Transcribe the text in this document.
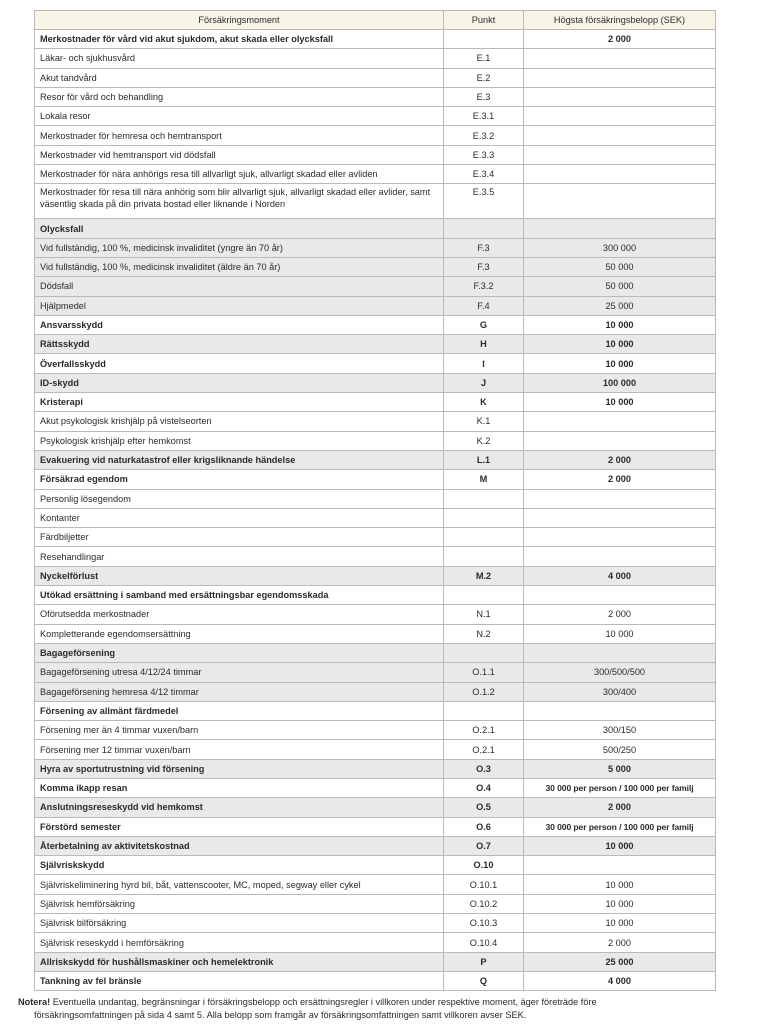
Försäkringsmoment	Punkt	Högsta försäkringsbelopp (SEK)
Merkostnader för vård vid akut sjukdom, akut skada eller olycksfall		2 000
Läkar- och sjukhusvård	E.1	
Akut tandvård	E.2	
Resor för vård och behandling	E.3	
Lokala resor	E.3.1	
Merkostnader för hemresa och hemtransport	E.3.2	
Merkostnader vid hemtransport vid dödsfall	E.3.3	
Merkostnader för nära anhörigs resa till allvarligt sjuk, allvarligt skadad eller avliden	E.3.4	
Merkostnader för resa till nära anhörig som blir allvarligt sjuk, allvarligt skadad eller avlider, samt väsentlig skada på din privata bostad eller liknande i Norden	E.3.5	
Olycksfall		
Vid fullständig, 100 %, medicinsk invaliditet (yngre än 70 år)	F.3	300 000
Vid fullständig, 100 %, medicinsk invaliditet (äldre än 70 år)	F.3	50 000
Dödsfall	F.3.2	50 000
Hjälpmedel	F.4	25 000
Ansvarsskydd	G	10 000
Rättsskydd	H	10 000
Överfallsskydd	I	10 000
ID-skydd	J	100 000
Kristerapi	K	10 000
Akut psykologisk krishjälp på vistelseorten	K.1	
Psykologisk krishjälp efter hemkomst	K.2	
Evakuering vid naturkatastrof eller krigsliknande händelse	L.1	2 000
Försäkrad egendom	M	2 000
Personlig lösegendom		
Kontanter		
Färdbiljetter		
Resehandlingar		
Nyckelförlust	M.2	4 000
Utökad ersättning i samband med ersättningsbar egendomsskada		
Oförutsedda merkostnader	N.1	2 000
Kompletterande egendomsersättning	N.2	10 000
Bagageförsening		
Bagageförsening utresa 4/12/24 timmar	O.1.1	300/500/500
Bagageförsening hemresa 4/12 timmar	O.1.2	300/400
Försening av allmänt färdmedel		
Försening mer än 4 timmar vuxen/barn	O.2.1	300/150
Försening mer 12 timmar vuxen/barn	O.2.1	500/250
Hyra av sportutrustning vid försening	O.3	5 000
Komma ikapp resan	O.4	30 000 per person / 100 000 per familj
Anslutningsreseskydd vid hemkomst	O.5	2 000
Förstörd semester	O.6	30 000 per person / 100 000 per familj
Återbetalning av aktivitetskostnad	O.7	10 000
Självriskskydd	O.10	
Självriskeliminering hyrd bil, båt, vattenscooter, MC, moped, segway eller cykel	O.10.1	10 000
Självrisk hemförsäkring	O.10.2	10 000
Självrisk bilförsäkring	O.10.3	10 000
Självrisk reseskydd i hemförsäkring	O.10.4	2 000
Allriskskydd för hushållsmaskiner och hemelektronik	P	25 000
Tankning av fel bränsle	Q	4 000
Notera! Eventuella undantag, begränsningar i försäkringsbelopp och ersättningsregler i villkoren under respektive moment, äger företräde före
försäkringsomfattningen på sida 4 samt 5. Alla belopp som framgår av försäkringsomfattningen samt villkoren avser SEK.
